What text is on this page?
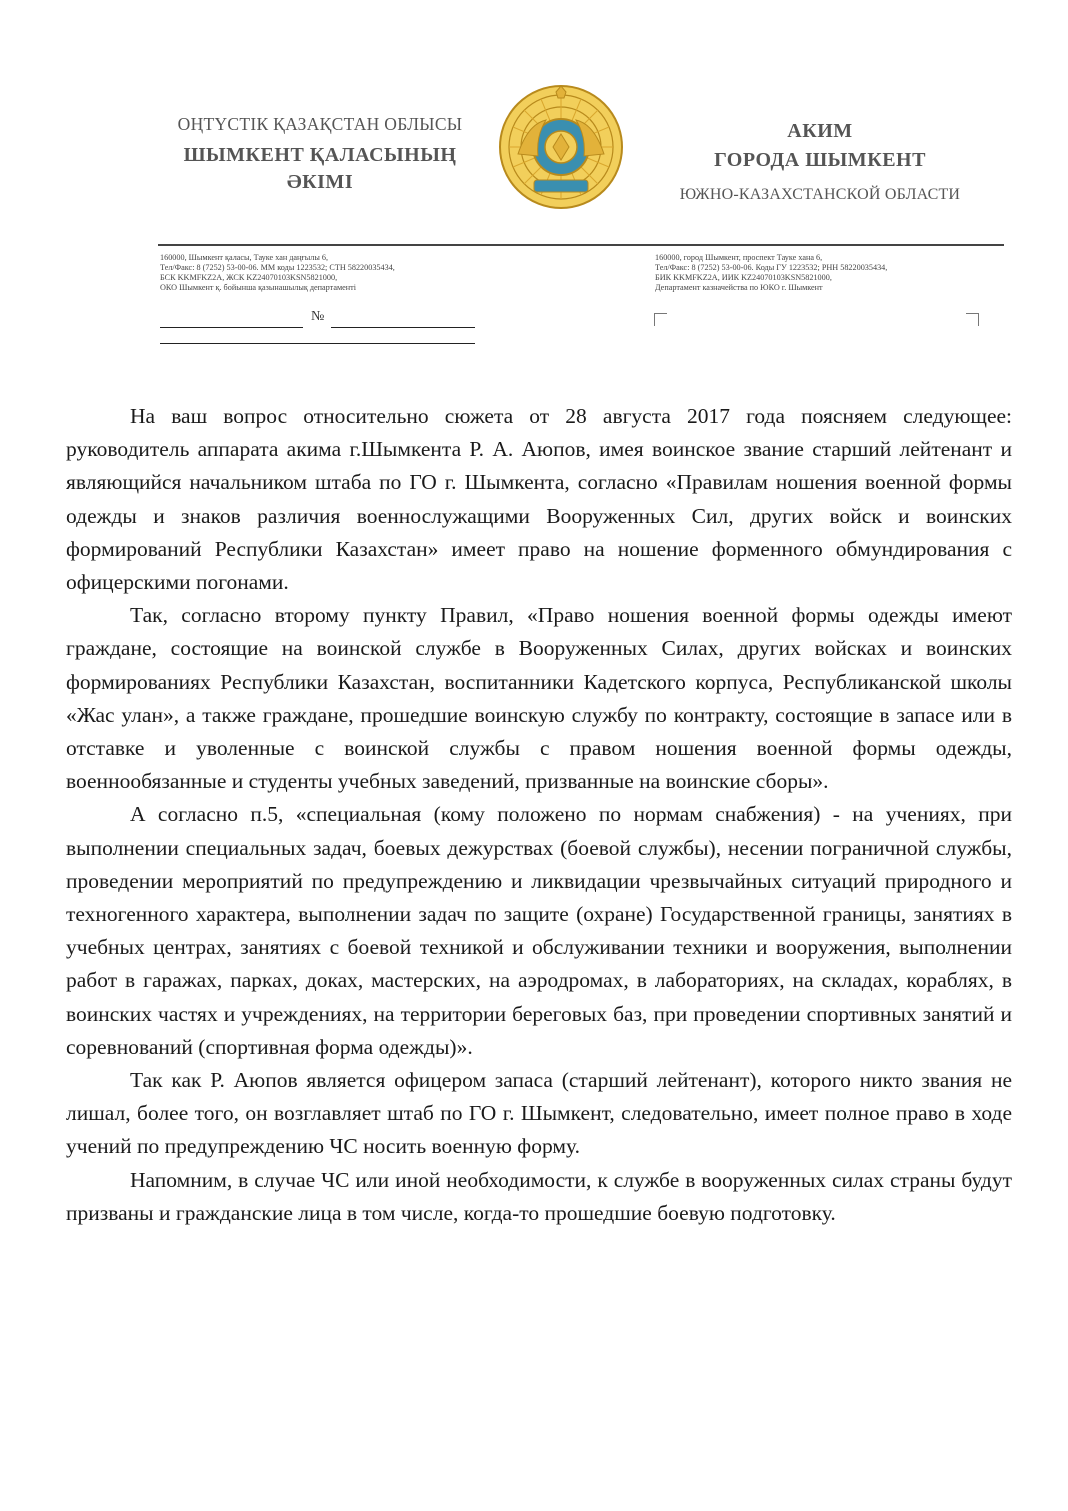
ОҢТҮСТІК ҚАЗАҚСТАН ОБЛЫСЫ
ШЫМКЕНТ ҚАЛАСЫНЫҢ
ӘКІМІ
АКИМ
ГОРОДА ШЫМКЕНТ
ЮЖНО-КАЗАХСТАНСКОЙ ОБЛАСТИ
160000, Шымкент қаласы, Тауке хан даңғылы 6,
Тел/Факс: 8 (7252) 53-00-06. ММ коды 1223532; СТН 58220035434,
БСК KKMFKZ2A, ЖСК KZ24070103KSN5821000,
ОКО Шымкент қ. бойынша қазынашылық департаменті
160000, город Шымкент, проспект Тауке хана 6,
Тел/Факс: 8 (7252) 53-00-06. Коды ГУ 1223532; РНН 58220035434,
БИК KKMFKZ2A, ИИК KZ24070103KSN5821000,
Департамент казначейства по ЮКО г. Шымкент
№

На ваш вопрос относительно сюжета от 28 августа 2017 года поясняем следующее: руководитель аппарата акима г.Шымкента Р. А. Аюпов, имея воинское звание старший лейтенант и являющийся начальником штаба по ГО г. Шымкента, согласно «Правилам ношения военной формы одежды и знаков различия военнослужащими Вооруженных Сил, других войск и воинских формирований Республики Казахстан» имеет право на ношение форменного обмундирования с офицерскими погонами.

Так, согласно второму пункту Правил, «Право ношения военной формы одежды имеют граждане, состоящие на воинской службе в Вооруженных Силах, других войсках и воинских формированиях Республики Казахстан, воспитанники Кадетского корпуса, Республиканской школы «Жас улан», а также граждане, прошедшие воинскую службу по контракту, состоящие в запасе или в отставке и уволенные с воинской службы с правом ношения военной формы одежды, военнообязанные и студенты учебных заведений, призванные на воинские сборы».

А согласно п.5, «специальная (кому положено по нормам снабжения) - на учениях, при выполнении специальных задач, боевых дежурствах (боевой службы), несении пограничной службы, проведении мероприятий по предупреждению и ликвидации чрезвычайных ситуаций природного и техногенного характера, выполнении задач по защите (охране) Государственной границы, занятиях в учебных центрах, занятиях с боевой техникой и обслуживании техники и вооружения, выполнении работ в гаражах, парках, доках, мастерских, на аэродромах, в лабораториях, на складах, кораблях, в воинских частях и учреждениях, на территории береговых баз, при проведении спортивных занятий и соревнований (спортивная форма одежды)».

Так как Р. Аюпов является офицером запаса (старший лейтенант), которого никто звания не лишал, более того, он возглавляет штаб по ГО г. Шымкент, следовательно, имеет полное право в ходе учений по предупреждению ЧС носить военную форму.

Напомним, в случае ЧС или иной необходимости, к службе в вооруженных силах страны будут призваны и гражданские лица в том числе, когда-то прошедшие боевую подготовку.
